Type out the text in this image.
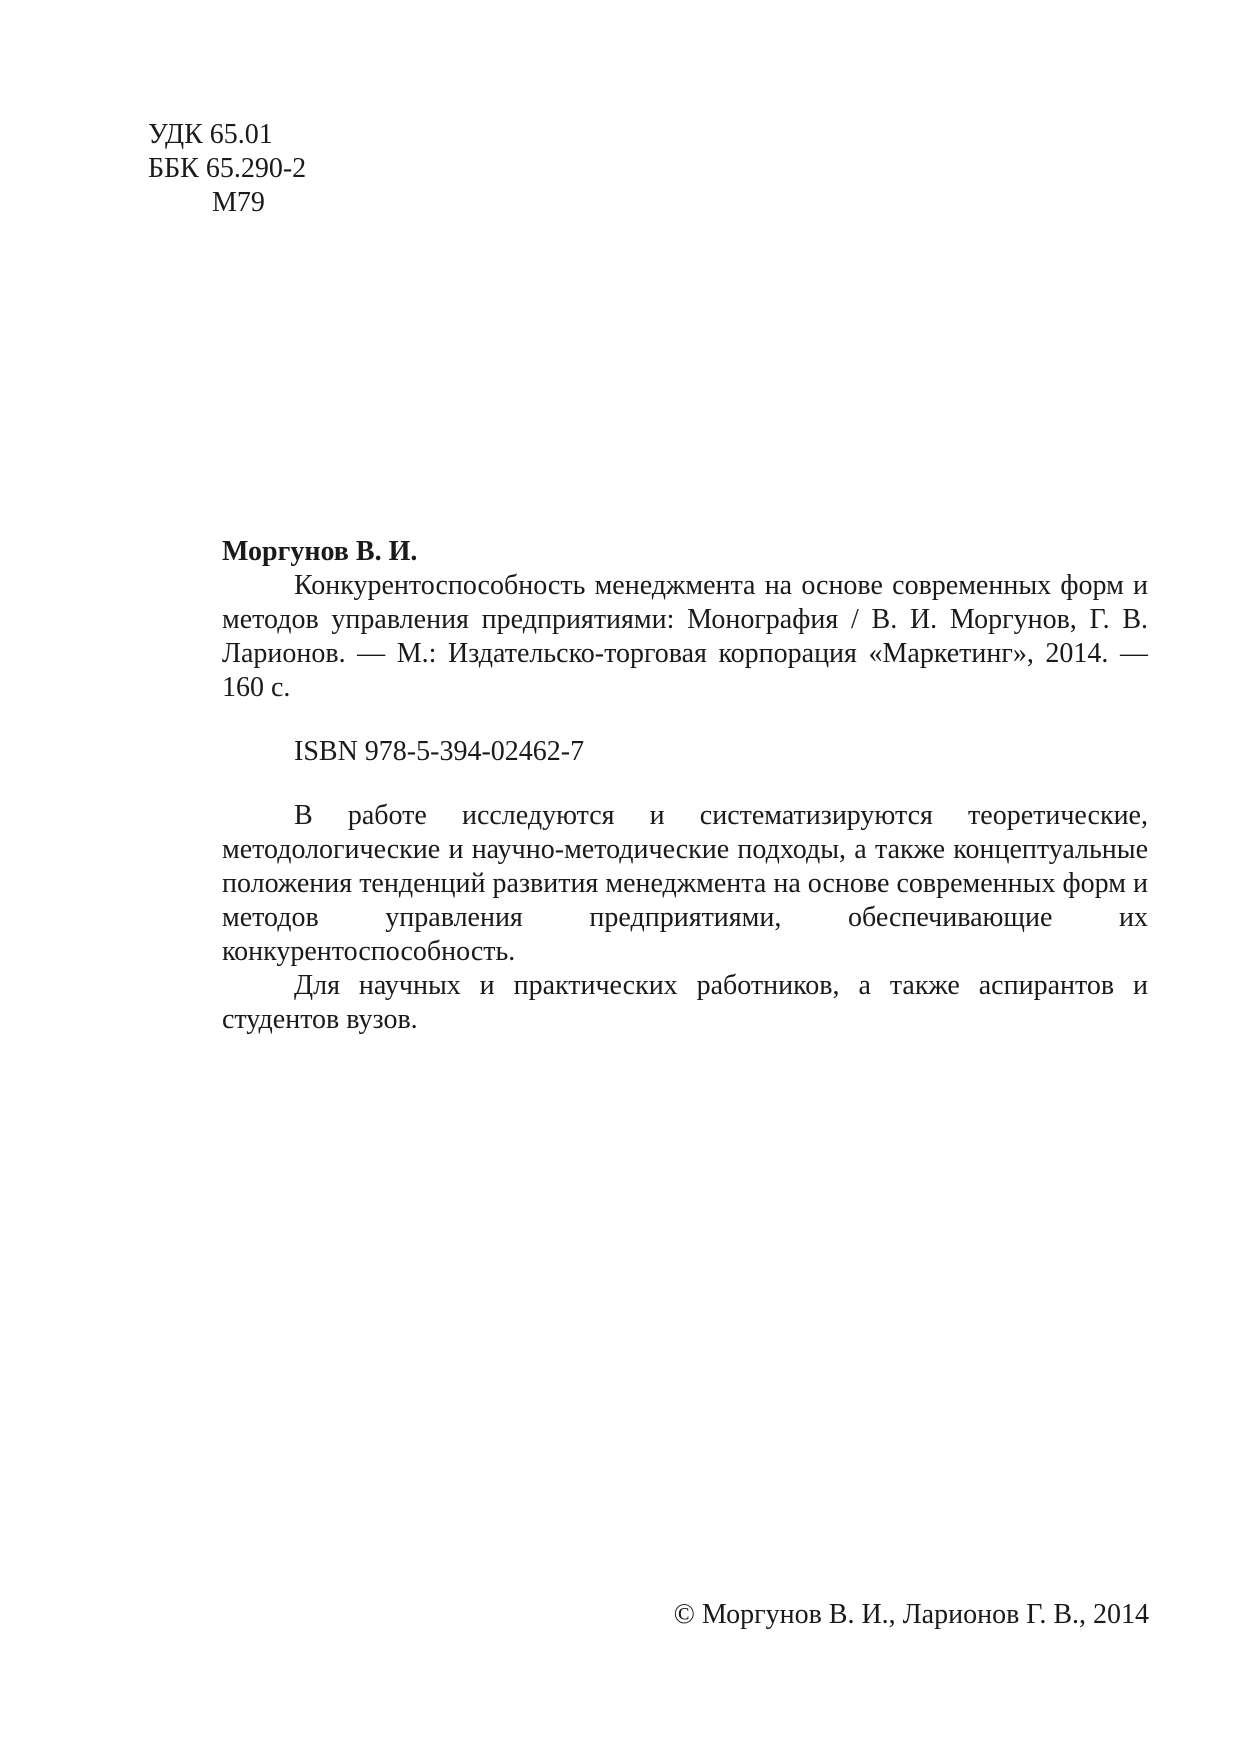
УДК 65.01
ББК 65.290-2
М79
Моргунов В. И.

Конкурентоспособность менеджмента на основе современных форм и методов управления предприятиями: Монография / В. И. Моргунов, Г. В. Ларионов. — М.: Издательско-торговая корпорация «Маркетинг», 2014. — 160 с.

ISBN 978-5-394-02462-7

В работе исследуются и систематизируются теоретические, методологические и научно-методические подходы, а также концептуальные положения тенденций развития менеджмента на основе современных форм и методов управления предприятиями, обеспечивающие их конкурентоспособность.

Для научных и практических работников, а также аспирантов и студентов вузов.

© Моргунов В. И., Ларионов Г. В., 2014
